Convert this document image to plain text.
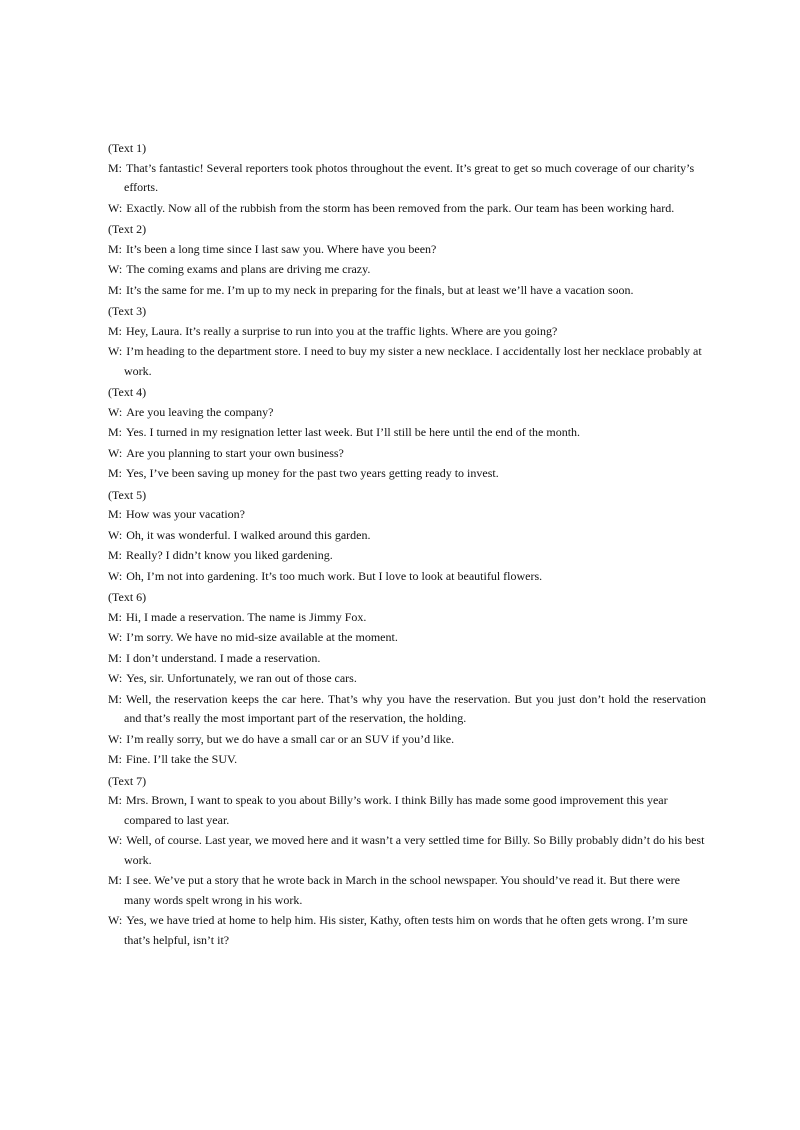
(Text 1)
M: That’s fantastic! Several reporters took photos throughout the event. It’s great to get so much coverage of our charity’s efforts.
W: Exactly. Now all of the rubbish from the storm has been removed from the park. Our team has been working hard.
(Text 2)
M: It’s been a long time since I last saw you. Where have you been?
W: The coming exams and plans are driving me crazy.
M: It’s the same for me. I’m up to my neck in preparing for the finals, but at least we’ll have a vacation soon.
(Text 3)
M: Hey, Laura. It’s really a surprise to run into you at the traffic lights. Where are you going?
W: I’m heading to the department store. I need to buy my sister a new necklace. I accidentally lost her necklace probably at work.
(Text 4)
W: Are you leaving the company?
M: Yes. I turned in my resignation letter last week. But I’ll still be here until the end of the month.
W: Are you planning to start your own business?
M: Yes, I’ve been saving up money for the past two years getting ready to invest.
(Text 5)
M: How was your vacation?
W: Oh, it was wonderful. I walked around this garden.
M: Really? I didn’t know you liked gardening.
W: Oh, I’m not into gardening. It’s too much work. But I love to look at beautiful flowers.
(Text 6)
M: Hi, I made a reservation. The name is Jimmy Fox.
W: I’m sorry. We have no mid-size available at the moment.
M: I don’t understand. I made a reservation.
W: Yes, sir. Unfortunately, we ran out of those cars.
M: Well, the reservation keeps the car here. That’s why you have the reservation. But you just don’t hold the reservation and that’s really the most important part of the reservation, the holding.
W: I’m really sorry, but we do have a small car or an SUV if you’d like.
M: Fine. I’ll take the SUV.
(Text 7)
M: Mrs. Brown, I want to speak to you about Billy’s work. I think Billy has made some good improvement this year compared to last year.
W: Well, of course. Last year, we moved here and it wasn’t a very settled time for Billy. So Billy probably didn’t do his best work.
M: I see. We’ve put a story that he wrote back in March in the school newspaper. You should’ve read it. But there were many words spelt wrong in his work.
W: Yes, we have tried at home to help him. His sister, Kathy, often tests him on words that he often gets wrong. I’m sure that’s helpful, isn’t it?
